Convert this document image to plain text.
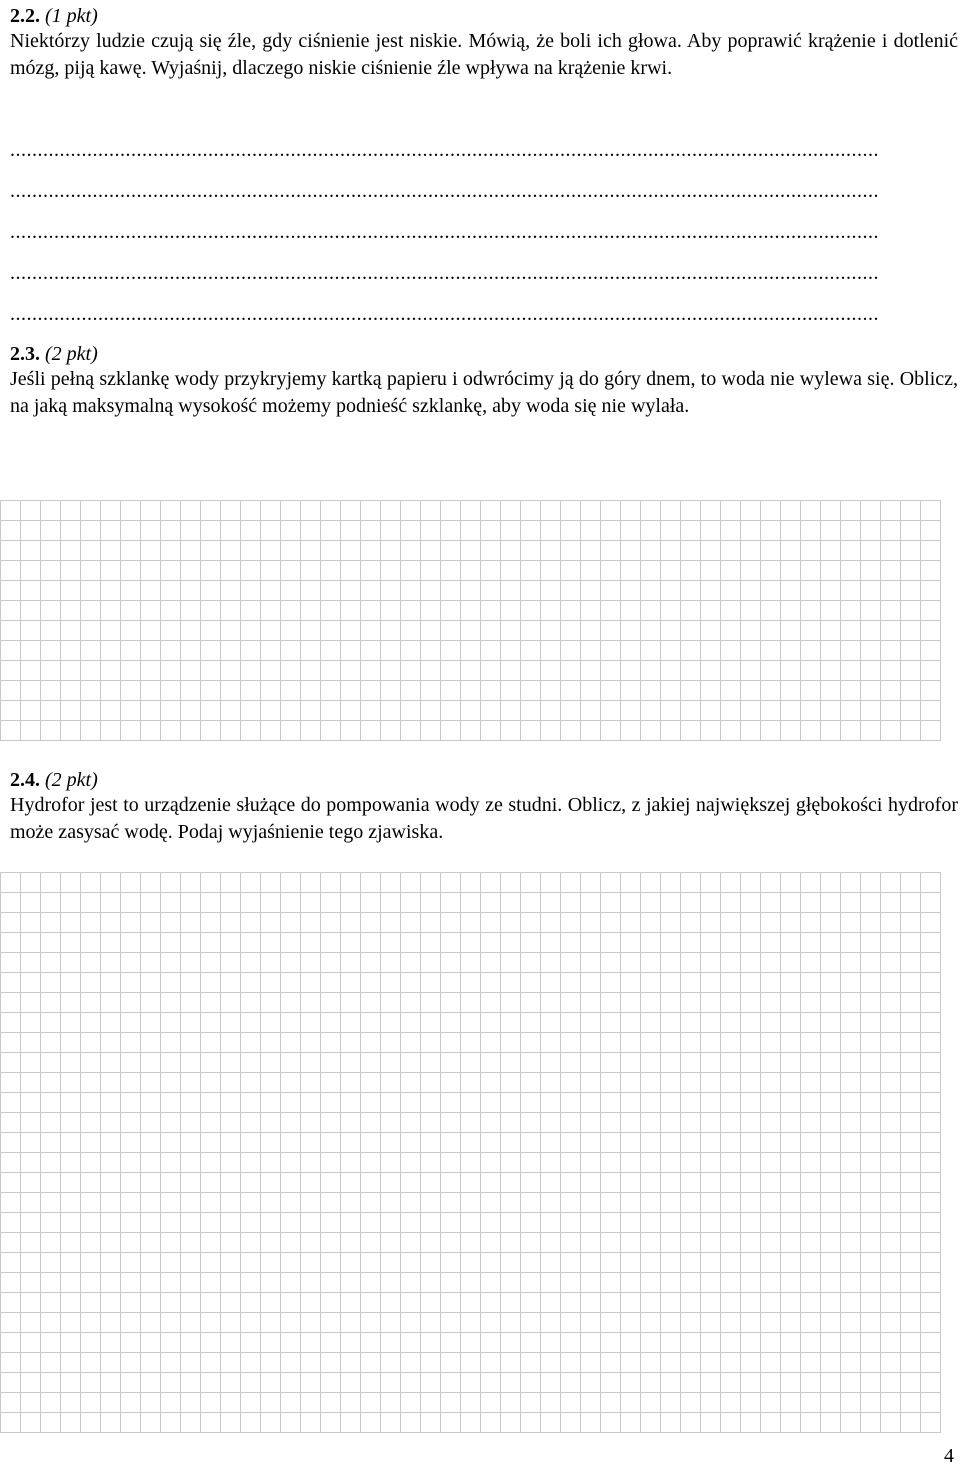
2.2. (1 pkt)
Niektórzy ludzie czują się źle, gdy ciśnienie jest niskie. Mówią, że boli ich głowa. Aby poprawić krążenie i dotlenić mózg, piją kawę. Wyjaśnij, dlaczego niskie ciśnienie źle wpływa na krążenie krwi.
..............................................................................................................................................................
..............................................................................................................................................................
..............................................................................................................................................................
..............................................................................................................................................................
..............................................................................................................................................................
2.3. (2 pkt)
Jeśli pełną szklankę wody przykryjemy kartką papieru i odwrócimy ją do góry dnem, to woda nie wylewa się. Oblicz, na jaką maksymalną wysokość możemy podnieść szklankę, aby woda się nie wylała.
2.4. (2 pkt)
Hydrofor jest to urządzenie służące do pompowania wody ze studni. Oblicz, z jakiej największej głębokości hydrofor może zasysać wodę. Podaj wyjaśnienie tego zjawiska.
4
